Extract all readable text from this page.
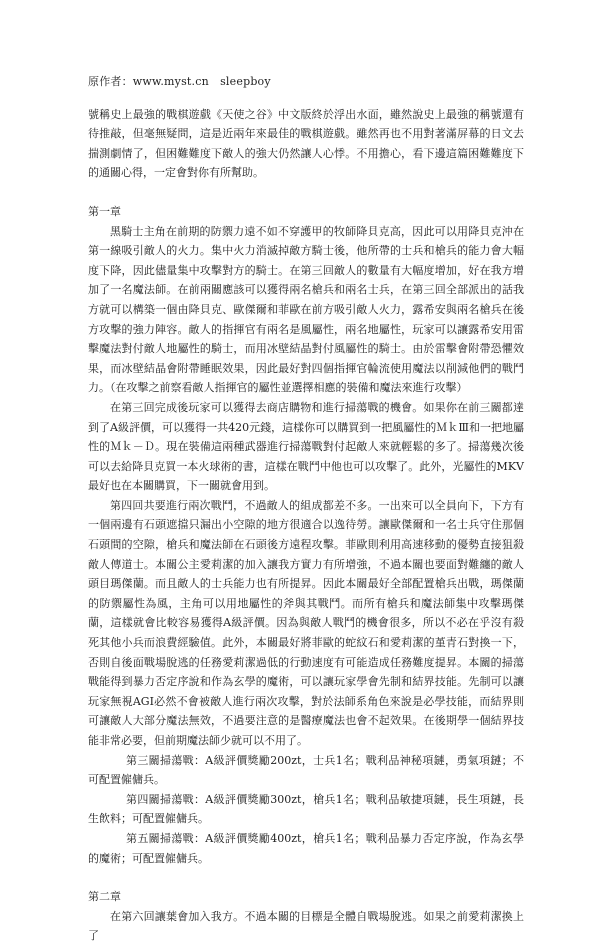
原作者：www.myst.cn　sleepboy

號稱史上最強的戰棋遊戲《天使之谷》中文版終於浮出水面，雖然說史上最強的稱號還有待推敲，但毫無疑問，這是近兩年來最佳的戰棋遊戲。雖然再也不用對著滿屏幕的日文去揣測劇情了，但困難難度下敵人的強大仍然讓人心悸。不用擔心，看下邊這篇困難難度下的通關心得，一定會對你有所幫助。

第一章

黑騎士主角在前期的防禦力遠不如不穿護甲的牧師降貝克高，因此可以用降貝克沖在第一線吸引敵人的火力。集中火力消滅掉敵方騎士後，他所帶的士兵和槍兵的能力會大幅度下降，因此儘量集中攻擊對方的騎士。在第三回敵人的數量有大幅度增加，好在我方增加了一名魔法師。在前兩關應該可以獲得兩名槍兵和兩名士兵，在第三回全部派出的話我方就可以構築一個由降貝克、歐傑爾和菲歐在前方吸引敵人火力，露希安與兩名槍兵在後方攻擊的強力陣容。敵人的指揮官有兩名是風屬性，兩名地屬性，玩家可以讓露希安用雷擊魔法對付敵人地屬性的騎士，而用冰壁結晶對付風屬性的騎士。由於雷擊會附帶恐懼效果，而冰壁結晶會附帶睡眠效果，因此最好對四個指揮官輪流使用魔法以削減他們的戰鬥力。（在攻擊之前察看敵人指揮官的屬性並選擇相應的裝備和魔法來進行攻擊）

在第三回完成後玩家可以獲得去商店購物和進行掃蕩戰的機會。如果你在前三關都達到了A級評價，可以獲得一共420元錢，這樣你可以購買到一把風屬性的ＭｋⅢ和一把地屬性的Ｍｋ－Ｄ。現在裝備這兩種武器進行掃蕩戰對付起敵人來就輕鬆的多了。掃蕩幾次後可以去給降貝克買一本火球術的書，這樣在戰鬥中他也可以攻擊了。此外，光屬性的MKV最好也在本關購買，下一關就會用到。

第四回共要進行兩次戰鬥，不過敵人的組成都差不多。一出來可以全員向下，下方有一個兩邊有石頭遮擋只漏出小空隙的地方很適合以逸待勞。讓歐傑爾和一名士兵守住那個石頭間的空隙，槍兵和魔法師在石頭後方遠程攻擊。菲歐則利用高速移動的優勢直接狙殺敵人傳道士。本關公主愛莉潔的加入讓我方實力有所增強，不過本關也要面對難纏的敵人頭目瑪傑蘭。而且敵人的士兵能力也有所提昇。因此本關最好全部配置槍兵出戰，瑪傑蘭的防禦屬性為風，主角可以用地屬性的斧與其戰鬥。而所有槍兵和魔法師集中攻擊瑪傑蘭，這樣就會比較容易獲得A級評價。因為與敵人戰鬥的機會很多，所以不必在乎沒有殺死其他小兵而浪費經驗值。此外，本關最好將菲歐的蛇紋石和愛莉潔的堇青石對換一下，否則自後面戰場脫逃的任務愛莉潔過低的行動速度有可能造成任務難度提昇。本關的掃蕩戰能得到暴力否定序說和作為玄學的魔術，可以讓玩家學會先制和結界技能。先制可以讓玩家無視AGI必然不會被敵人進行兩次攻擊，對於法師系角色來說是必學技能，而結界則可讓敵人大部分魔法無效，不過要注意的是醫療魔法也會不起效果。在後期學一個結界技能非常必要，但前期魔法師少就可以不用了。

第三關掃蕩戰：A級評價獎勵200zt，士兵1名；戰利品神秘項鏈，勇氣項鏈；不可配置僱傭兵。

第四關掃蕩戰：A級評價獎勵300zt，槍兵1名；戰利品敏捷項鏈，長生項鏈，長生飲料；可配置僱傭兵。

第五關掃蕩戰：A級評價獎勵400zt，槍兵1名；戰利品暴力否定序說，作為玄學的魔術；可配置僱傭兵。

第二章

在第六回讓葉會加入我方。不過本關的目標是全體自戰場脫逃。如果之前愛莉潔換上了
